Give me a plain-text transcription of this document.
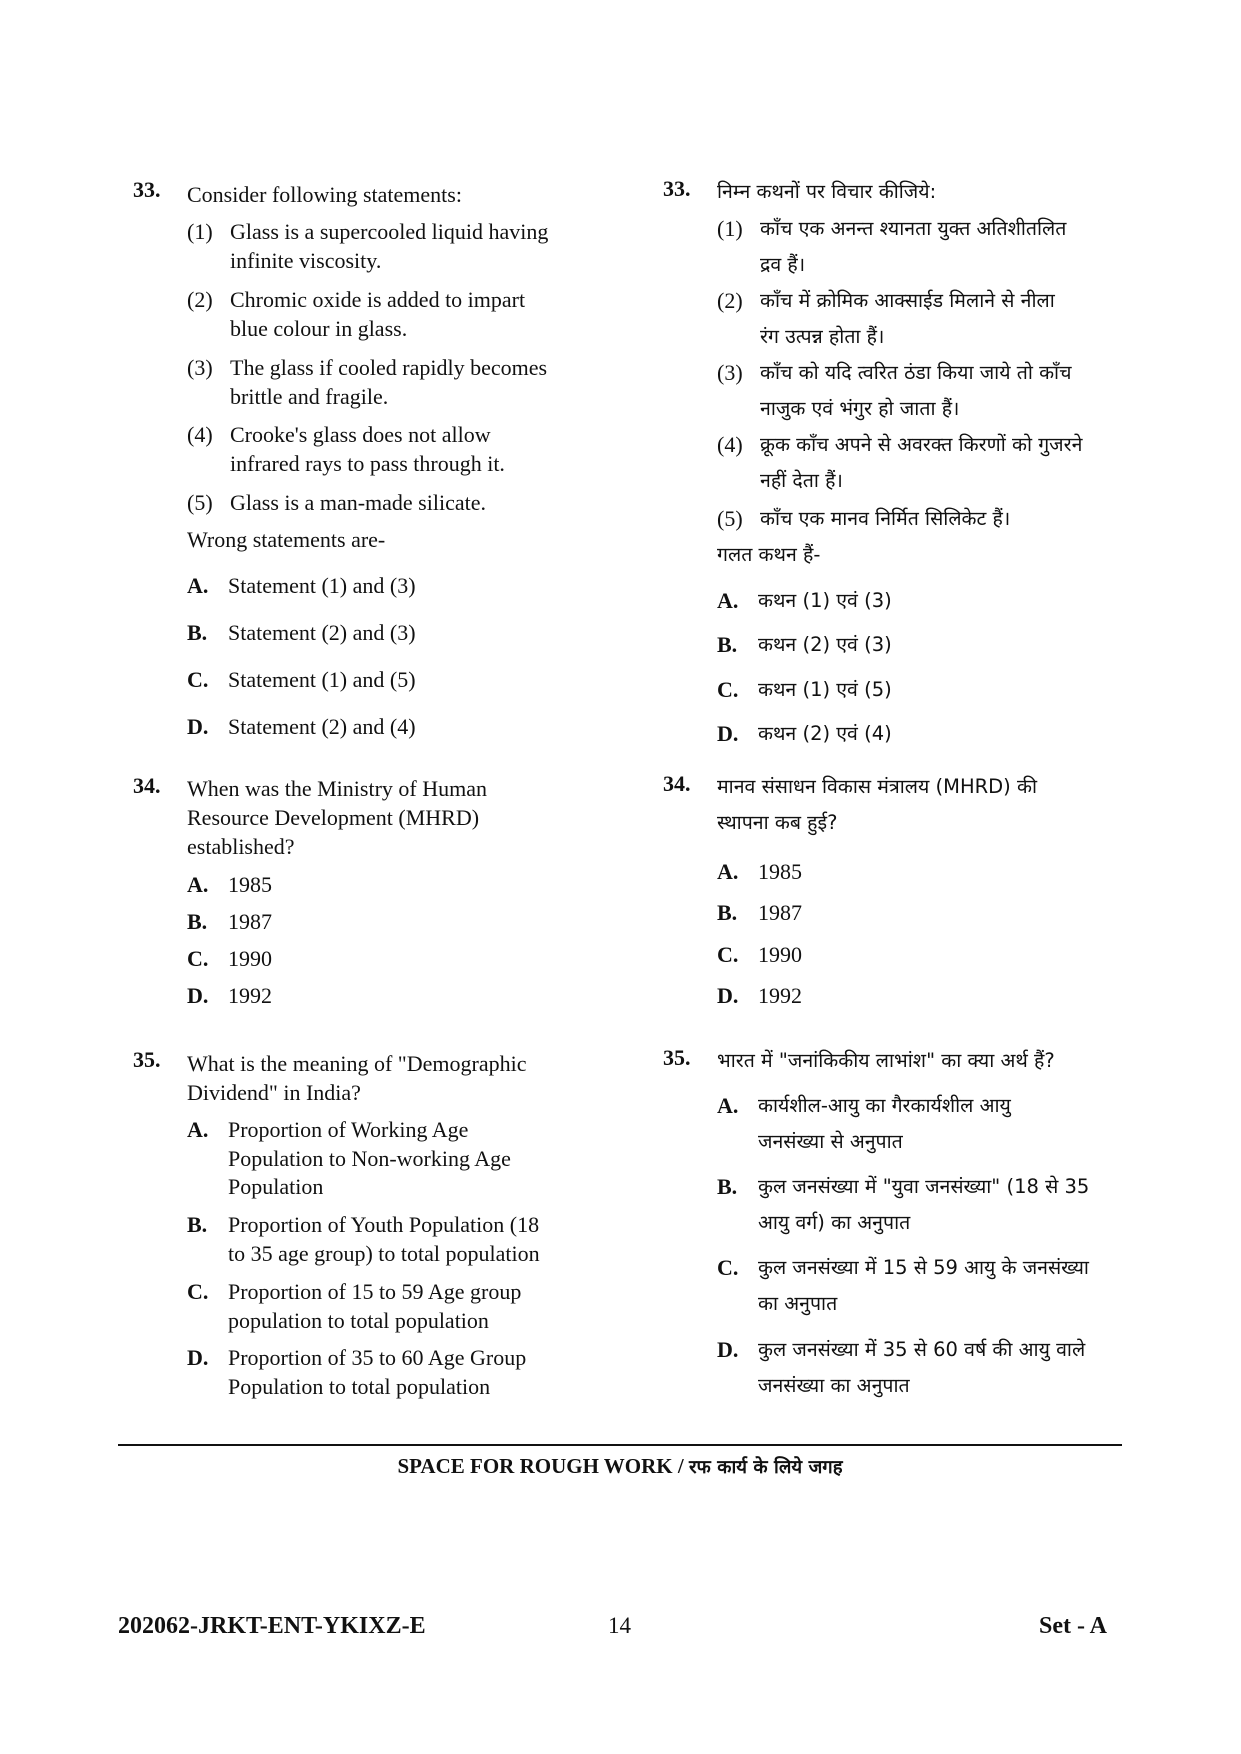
33. Consider following statements:
(1) Glass is a supercooled liquid having
infinite viscosity.
(2) Chromic oxide is added to impart
blue colour in glass.
(3) The glass if cooled rapidly becomes
brittle and fragile.
(4) Crooke's glass does not allow
infrared rays to pass through it.
(5) Glass is a man-made silicate.
Wrong statements are-
A. Statement (1) and (3)
B. Statement (2) and (3)
C. Statement (1) and (5)
D. Statement (2) and (4)
34. When was the Ministry of Human
Resource Development (MHRD)
established?
A. 1985
B. 1987
C. 1990
D. 1992
35. What is the meaning of "Demographic
Dividend" in India?
A. Proportion of Working Age
Population to Non-working Age
Population
B. Proportion of Youth Population (18
to 35 age group) to total population
C. Proportion of 15 to 59 Age group
population to total population
D. Proportion of 35 to 60 Age Group
Population to total population
33. निम्न कथनों पर विचार कीजिये:
(1) काँच एक अनन्त श्यानता युक्त अतिशीतलित
द्रव हैं।
(2) काँच में क्रोमिक आक्साईड मिलाने से नीला
रंग उत्पन्न होता हैं।
(3) काँच को यदि त्वरित ठंडा किया जाये तो काँच
नाजुक एवं भंगुर हो जाता हैं।
(4) क्रूक काँच अपने से अवरक्त किरणों को गुजरने
नहीं देता हैं।
(5) काँच एक मानव निर्मित सिलिकेट हैं।
गलत कथन हैं-
A. कथन (1) एवं (3)
B. कथन (2) एवं (3)
C. कथन (1) एवं (5)
D. कथन (2) एवं (4)
34. मानव संसाधन विकास मंत्रालय (MHRD) की
स्थापना कब हुई?
A. 1985
B. 1987
C. 1990
D. 1992
35. भारत में "जनांकिकीय लाभांश" का क्या अर्थ हैं?
A. कार्यशील-आयु का गैरकार्यशील आयु
जनसंख्या से अनुपात
B. कुल जनसंख्या में "युवा जनसंख्या" (18 से 35
आयु वर्ग) का अनुपात
C. कुल जनसंख्या में 15 से 59 आयु के जनसंख्या
का अनुपात
D. कुल जनसंख्या में 35 से 60 वर्ष की आयु वाले
जनसंख्या का अनुपात
SPACE FOR ROUGH WORK / रफ कार्य के लिये जगह
202062-JRKT-ENT-YKIXZ-E	14	Set - A
